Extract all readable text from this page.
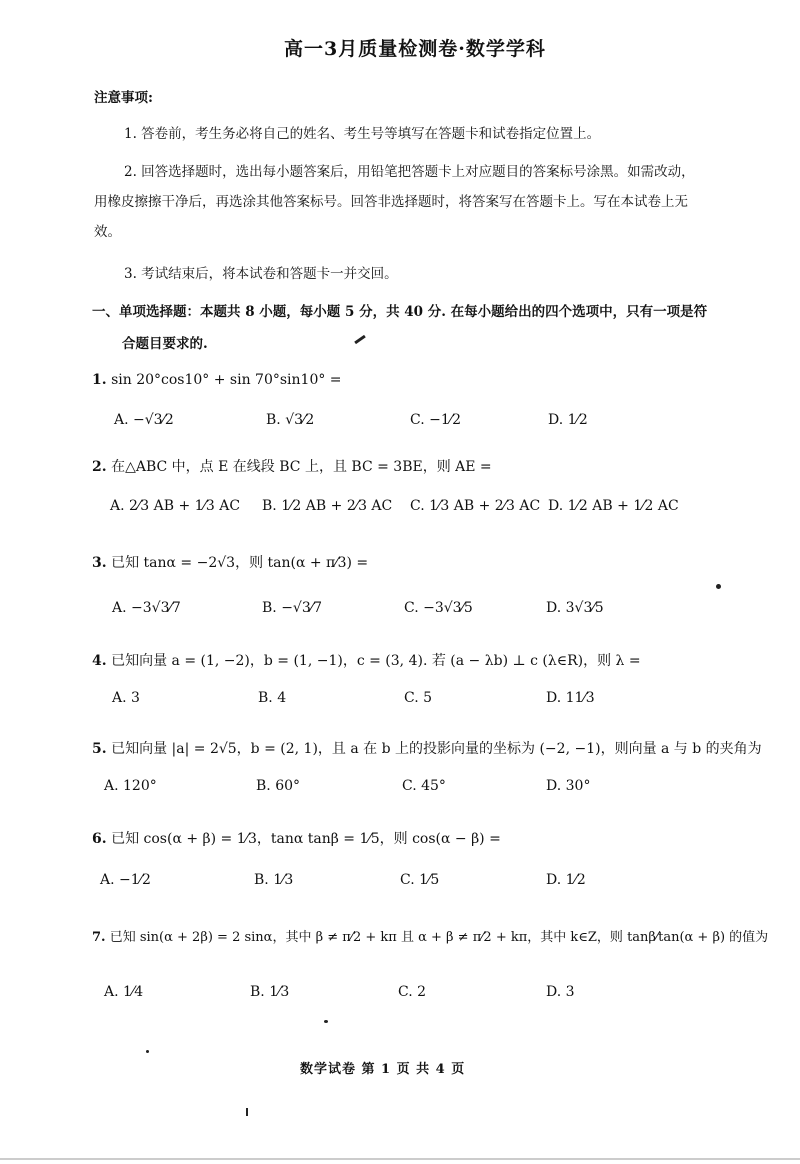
高一3月质量检测卷·数学学科
注意事项:
1. 答卷前，考生务必将自己的姓名、考生号等填写在答题卡和试卷指定位置上。
2. 回答选择题时，选出每小题答案后，用铅笔把答题卡上对应题目的答案标号涂黑。如需改动，
用橡皮擦擦干净后，再选涂其他答案标号。回答非选择题时，将答案写在答题卡上。写在本试卷上无
效。
3. 考试结束后，将本试卷和答题卡一并交回。
一、单项选择题：本题共 8 小题，每小题 5 分，共 40 分. 在每小题给出的四个选项中，只有一项是符
合题目要求的.
1. sin 20°cos10° + sin 70°sin10° =
A. −√3⁄2	B. √3⁄2	C. −1⁄2	D. 1⁄2
2. 在△ABC 中，点 E 在线段 BC 上，且 BC = 3BE，则 AE =
A. 2⁄3 AB + 1⁄3 AC B. 1⁄2 AB + 2⁄3 AC C. 1⁄3 AB + 2⁄3 AC D. 1⁄2 AB + 1⁄2 AC
3. 已知 tanα = −2√3，则 tan(α + π⁄3) =
A. −3√3⁄7	B. −√3⁄7	C. −3√3⁄5	D. 3√3⁄5
4. 已知向量 a = (1, −2)，b = (1, −1)，c = (3, 4). 若 (a − λb) ⊥ c (λ∈R)，则 λ =
A. 3	B. 4	C. 5	D. 11⁄3
5. 已知向量 |a| = 2√5，b = (2, 1)，且 a 在 b 上的投影向量的坐标为 (−2, −1)，则向量 a 与 b 的夹角为
A. 120°	B. 60°	C. 45°	D. 30°
6. 已知 cos(α + β) = 1⁄3，tanα tanβ = 1⁄5，则 cos(α − β) =
A. −1⁄2	B. 1⁄3	C. 1⁄5	D. 1⁄2
7. 已知 sin(α + 2β) = 2 sinα，其中 β ≠ π⁄2 + kπ 且 α + β ≠ π⁄2 + kπ，其中 k∈Z，则 tanβ⁄tan(α + β) 的值为
A. 1⁄4	B. 1⁄3	C. 2	D. 3
数学试卷 第 1 页 共 4 页
